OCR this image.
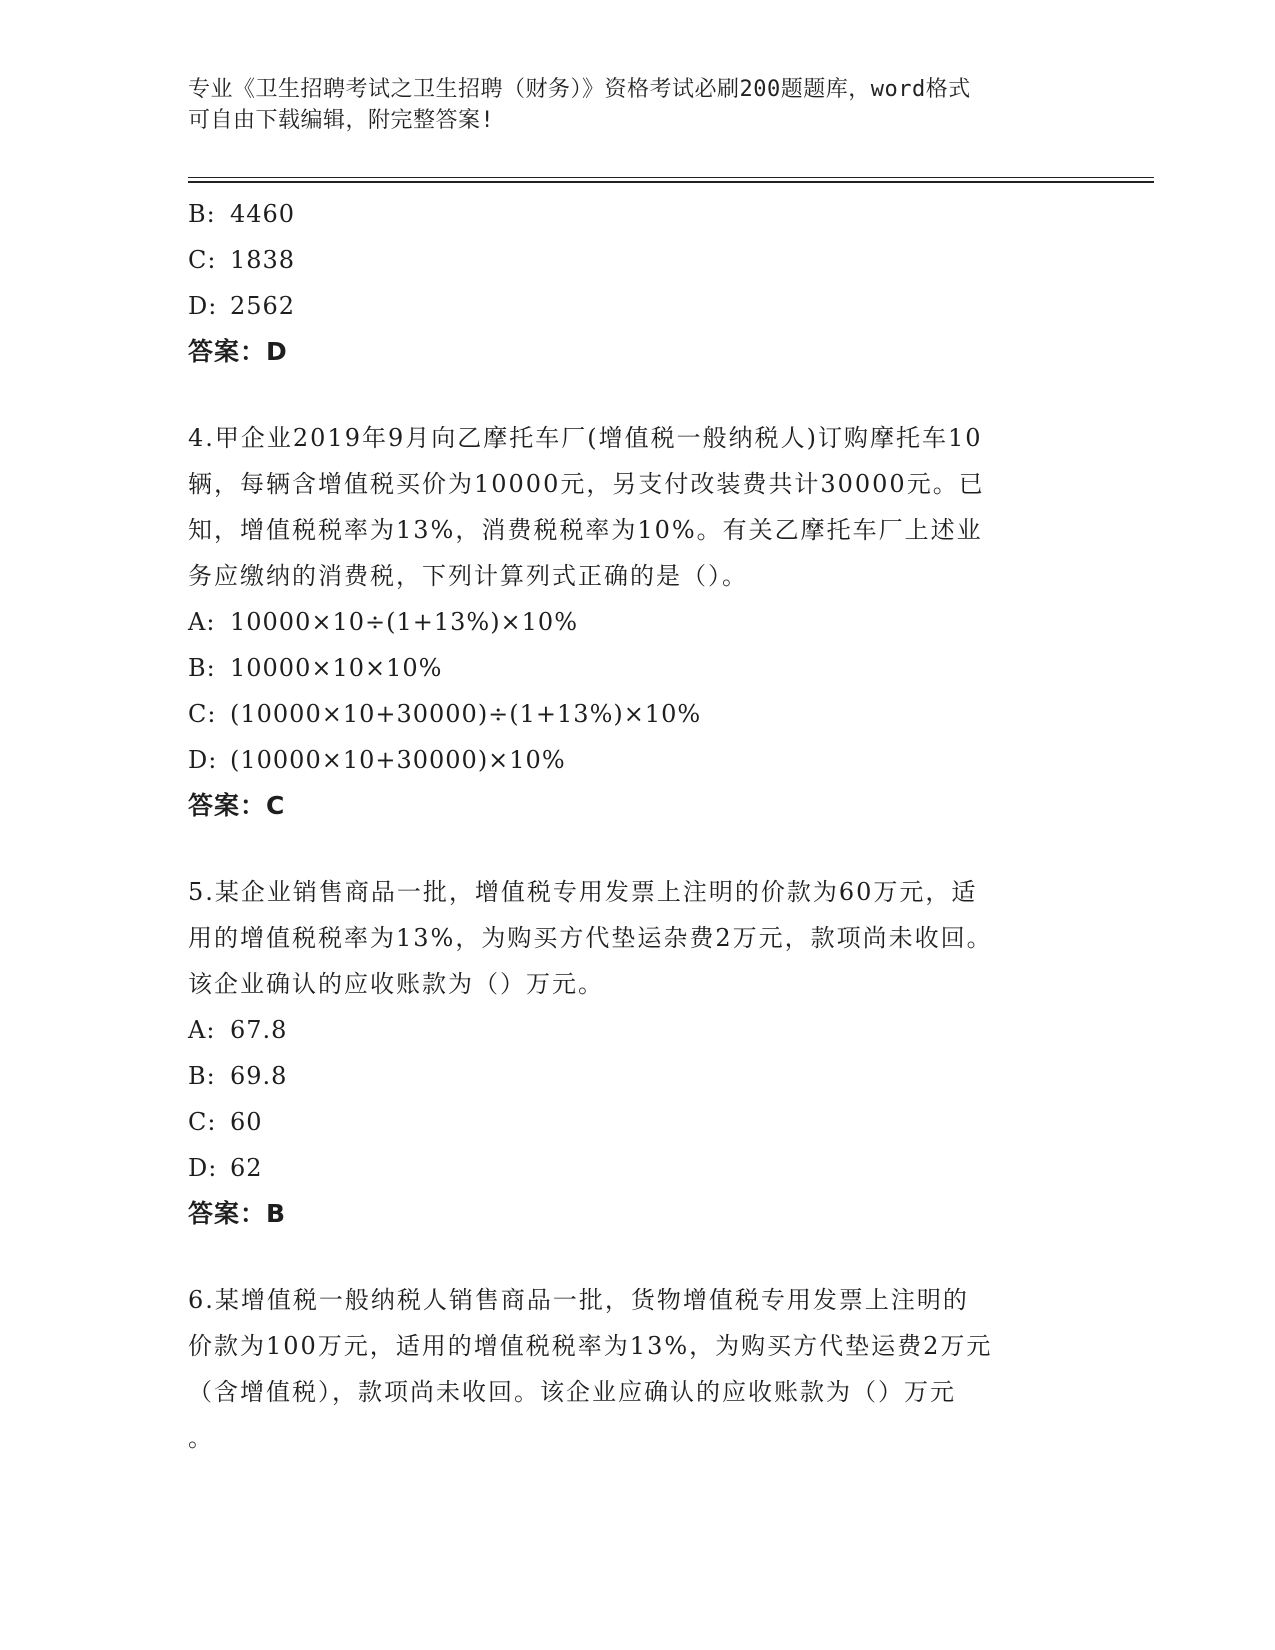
专业《卫生招聘考试之卫生招聘（财务）》资格考试必刷200题题库，word格式
可自由下载编辑，附完整答案!
B: 4460
C: 1838
D: 2562
答案：D
4.甲企业2019年9月向乙摩托车厂(增值税一般纳税人)订购摩托车10
辆，每辆含增值税买价为10000元，另支付改装费共计30000元。已
知，增值税税率为13%，消费税税率为10%。有关乙摩托车厂上述业
务应缴纳的消费税，下列计算列式正确的是（）。
A: 10000×10÷(1+13%)×10%
B: 10000×10×10%
C: (10000×10+30000)÷(1+13%)×10%
D: (10000×10+30000)×10%
答案：C
5.某企业销售商品一批，增值税专用发票上注明的价款为60万元，适
用的增值税税率为13%，为购买方代垫运杂费2万元，款项尚未收回。
该企业确认的应收账款为（）万元。
A: 67.8
B: 69.8
C: 60
D: 62
答案：B
6.某增值税一般纳税人销售商品一批，货物增值税专用发票上注明的
价款为100万元，适用的增值税税率为13%，为购买方代垫运费2万元
（含增值税），款项尚未收回。该企业应确认的应收账款为（）万元
。
